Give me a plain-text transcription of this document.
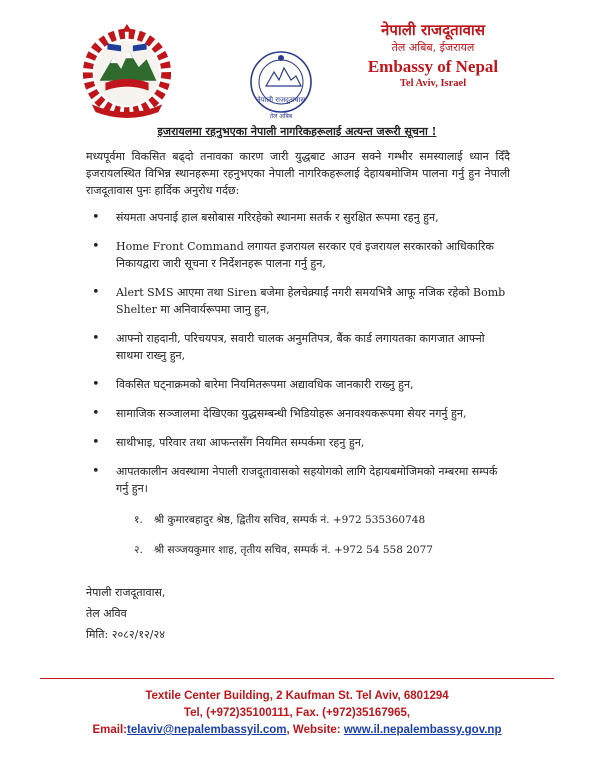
नेपाली राजदूतावास
तेल अबिब
नेपाली राजदूतावास
तेल अबिब, ईजरायल
Embassy of Nepal
Tel Aviv, Israel
इजरायलमा रहनुभएका नेपाली नागरिकहरूलाई अत्यन्त जरूरी सूचना !
मध्यपूर्वमा विकसित बढ्दो तनावका कारण जारी युद्धबाट आउन सक्ने गम्भीर समस्यालाई ध्यान दिँदै इजरायलस्थित विभिन्न स्थानहरूमा रहनुभएका नेपाली नागरिकहरूलाई देहायबमोजिम पालना गर्नु हुन नेपाली राजदूतावास पुनः हार्दिक अनुरोध गर्दछ:
• संयमता अपनाई हाल बसोबास गरिरहेको स्थानमा सतर्क र सुरक्षित रूपमा रहनु हुन,
• Home Front Command लगायत इजरायल सरकार एवं इजरायल सरकारको आधिकारिक निकायद्वारा जारी सूचना र निर्देशनहरू पालना गर्नु हुन,
• Alert SMS आएमा तथा Siren बजेमा हेलचेक्र्याईं नगरी समयभित्रै आफू नजिक रहेको Bomb Shelter मा अनिवार्यरूपमा जानु हुन,
• आफ्नो राहदानी, परिचयपत्र, सवारी चालक अनुमतिपत्र, बैंक कार्ड लगायतका कागजात आफ्नो साथमा राख्नु हुन,
• विकसित घट्नाक्रमको बारेमा नियमितरूपमा अद्यावधिक जानकारी राख्नु हुन,
• सामाजिक सञ्जालमा देखिएका युद्धसम्बन्धी भिडियोहरू अनावश्यकरूपमा सेयर नगर्नु हुन,
• साथीभाइ, परिवार तथा आफन्तसँग नियमित सम्पर्कमा रहनु हुन,
• आपतकालीन अवस्थामा नेपाली राजदूतावासको सहयोगको लागि देहायबमोजिमको नम्बरमा सम्पर्क गर्नु हुन।
१. श्री कुमारबहादुर श्रेष्ठ, द्वितीय सचिव, सम्पर्क नं. +972 535360748
२. श्री सञ्जयकुमार शाह, तृतीय सचिव, सम्पर्क नं. +972 54 558 2077
नेपाली राजदूतावास,
तेल अविव
मिति: २०८२/१२/२४
Textile Center Building, 2 Kaufman St. Tel Aviv, 6801294
Tel, (+972)35100111, Fax. (+972)35167965,
Email:telaviv@nepalembassyil.com, Website: www.il.nepalembassy.gov.np
